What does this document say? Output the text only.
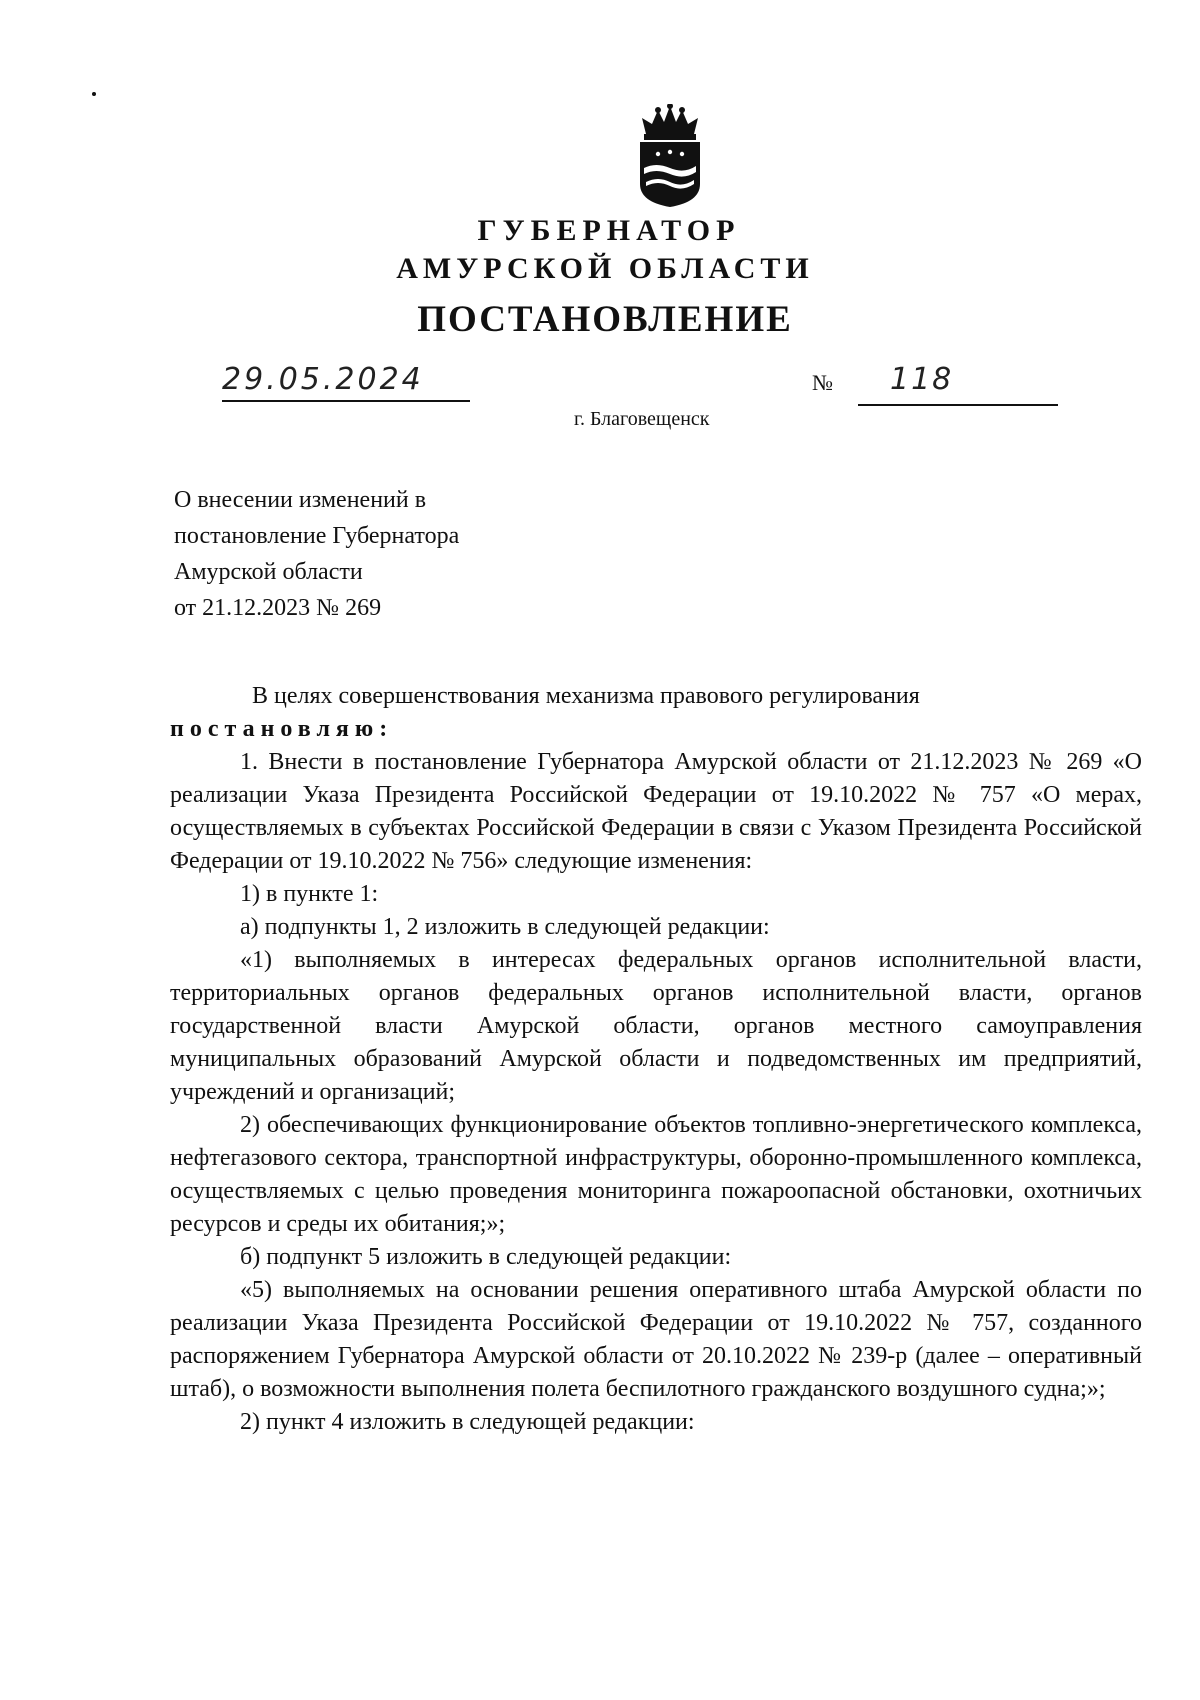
ГУБЕРНАТОР
АМУРСКОЙ ОБЛАСТИ
ПОСТАНОВЛЕНИЕ
29.05.2024	№ 118
г. Благовещенск
О внесении изменений в
постановление Губернатора
Амурской области
от 21.12.2023 № 269

В целях совершенствования механизма правового регулирования

постановляю:

1. Внести в постановление Губернатора Амурской области от 21.12.2023 № 269 «О реализации Указа Президента Российской Федерации от 19.10.2022 № 757 «О мерах, осуществляемых в субъектах Российской Федерации в связи с Указом Президента Российской Федерации от 19.10.2022 № 756» следующие изменения:

1) в пункте 1:

а) подпункты 1, 2 изложить в следующей редакции:

«1) выполняемых в интересах федеральных органов исполнительной власти, территориальных органов федеральных органов исполнительной власти, органов государственной власти Амурской области, органов местного самоуправления муниципальных образований Амурской области и подведомственных им предприятий, учреждений и организаций;

2) обеспечивающих функционирование объектов топливно-энергетического комплекса, нефтегазового сектора, транспортной инфраструктуры, оборонно-промышленного комплекса, осуществляемых с целью проведения мониторинга пожароопасной обстановки, охотничьих ресурсов и среды их обитания;»;

б) подпункт 5 изложить в следующей редакции:

«5) выполняемых на основании решения оперативного штаба Амурской области по реализации Указа Президента Российской Федерации от 19.10.2022 № 757, созданного распоряжением Губернатора Амурской области от 20.10.2022 № 239-р (далее – оперативный штаб), о возможности выполнения полета беспилотного гражданского воздушного судна;»;

2) пункт 4 изложить в следующей редакции:
